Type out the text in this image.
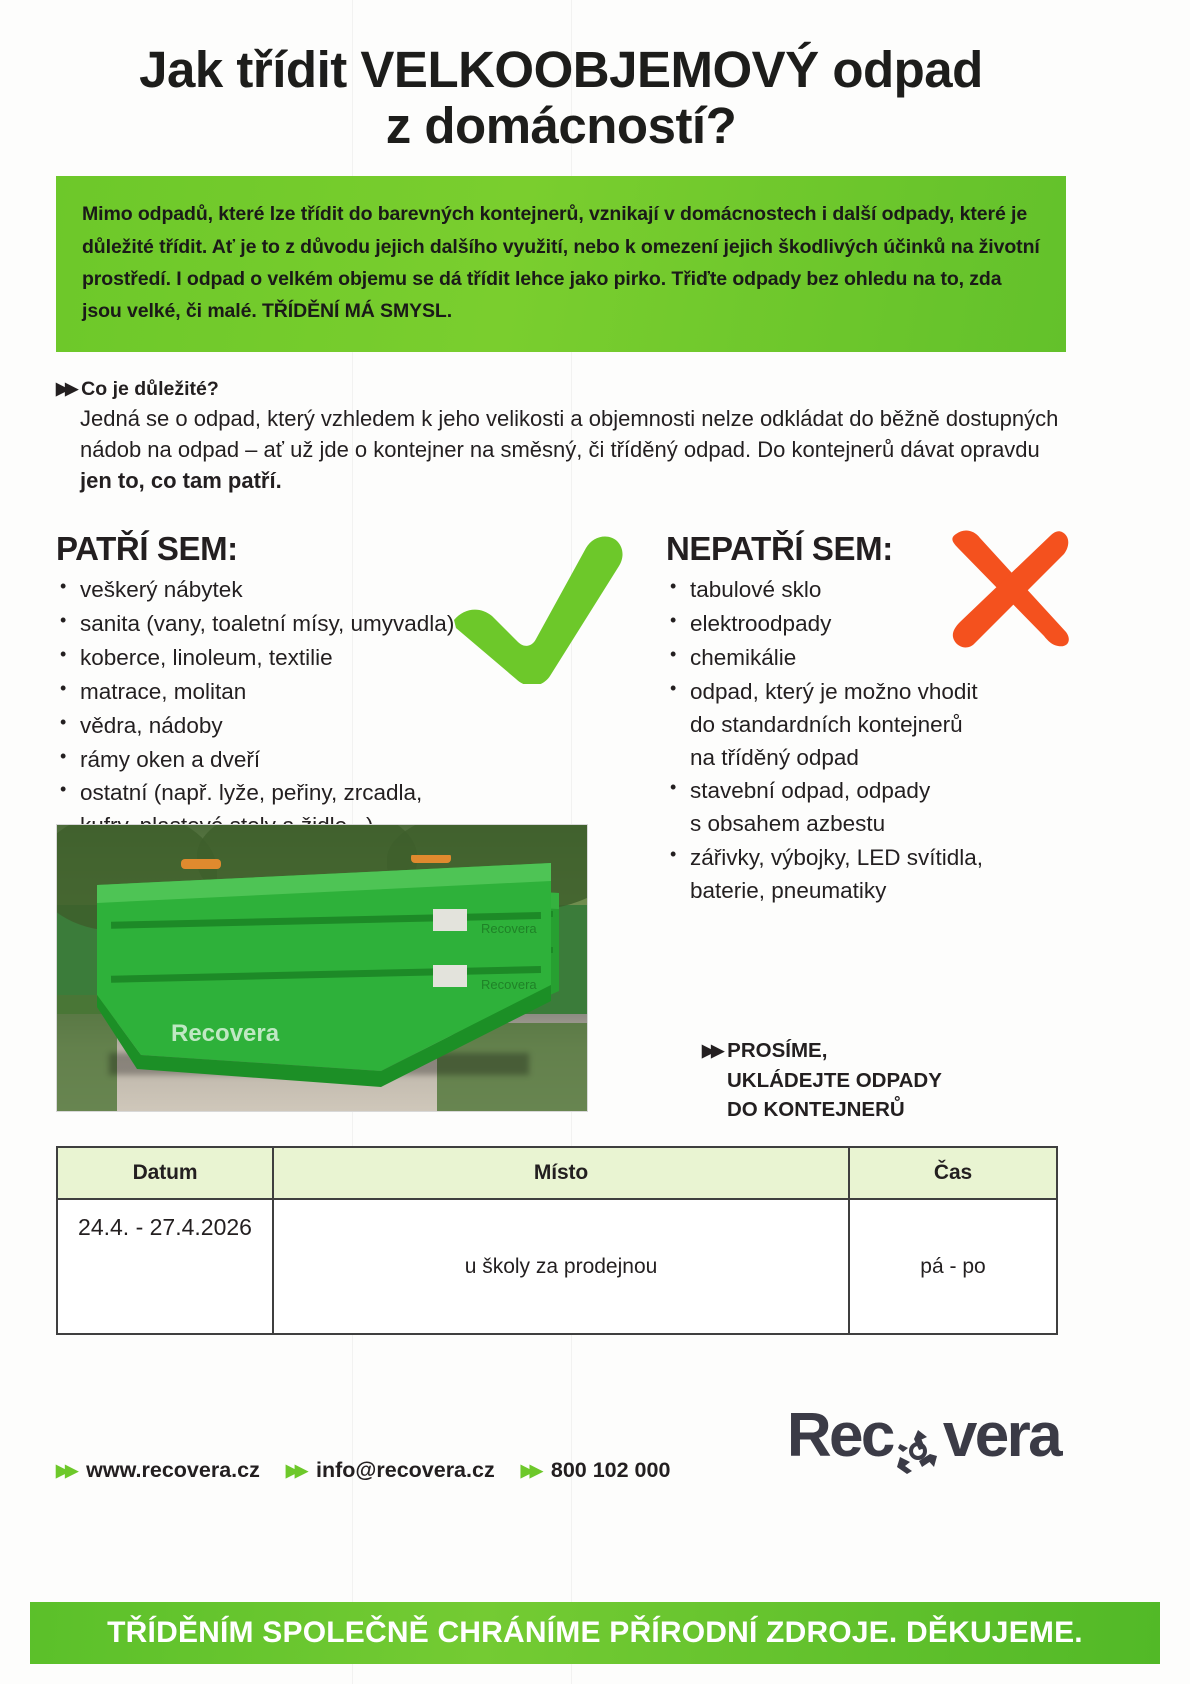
Jak třídit VELKOOBJEMOVÝ odpad
z domácností?

Mimo odpadů, které lze třídit do barevných kontejnerů, vznikají v domácnostech i další odpady, které je důležité třídit. Ať je to z důvodu jejich dalšího využití, nebo k omezení jejich škodlivých účinků na životní prostředí. I odpad o velkém objemu se dá třídit lehce jako pirko. Třiďte odpady bez ohledu na to, zda jsou velké, či malé. TŘÍDĚNÍ MÁ SMYSL.

▶▶ Co je důležité?
Jedná se o odpad, který vzhledem k jeho velikosti a objemnosti nelze odkládat do běžně dostupných nádob na odpad – ať už jde o kontejner na směsný, či tříděný odpad. Do kontejnerů dávat opravdu jen to, co tam patří.
PATŘÍ SEM:
• veškerý nábytek
• sanita (vany, toaletní mísy, umyvadla)
• koberce, linoleum, textilie
• matrace, molitan
• vědra, nádoby
• rámy oken a dveří
• ostatní (např. lyže, peřiny, zrcadla,
NEPATŘÍ SEM:
• tabulové sklo
• elektroodpady
• chemikálie
• odpad, který je možno vhodit
do standardních kontejnerů
na tříděný odpad
• stavební odpad, odpady
s obsahem azbestu
• zářivky, výbojky, LED svítidla,
baterie, pneumatiky
Recovera
Recovera
Recovera
▶▶ PROSÍME,
UKLÁDEJTE ODPADY
DO KONTEJNERŮ
Datum	Místo	Čas
24.4. - 27.4.2026	u školy za prodejnou	pá - po
▶▶ www.recovera.cz ▶▶ info@recovera.cz ▶▶ 800 102 000 Rec vera
TŘÍDĚNÍM SPOLEČNĚ CHRÁNÍME PŘÍRODNÍ ZDROJE. DĚKUJEME.
